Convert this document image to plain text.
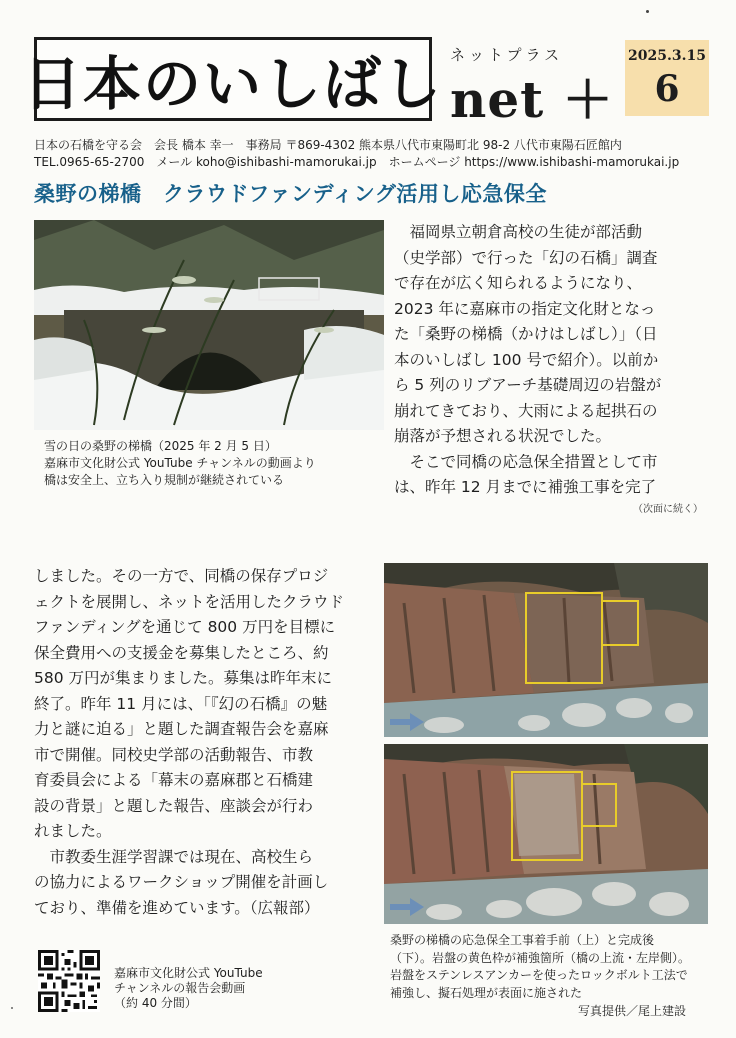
日本のいしばし ネットプラス
net ＋
2025.3.15
6
日本の石橋を守る会　会長 橋本 幸一　事務局 〒869-4302 熊本県八代市東陽町北 98-2 八代市東陽石匠館内
TEL.0965-65-2700　メール koho@ishibashi-mamorukai.jp　ホームページ https://www.ishibashi-mamorukai.jp
桑野の梯橋　クラウドファンディング活用し応急保全
雪の日の桑野の梯橋（2025 年 2 月 5 日）
嘉麻市文化財公式 YouTube チャンネルの動画より
橋は安全上、立ち入り規制が継続されている
　福岡県立朝倉高校の生徒が部活動
（史学部）で行った「幻の石橋」調査
で存在が広く知られるようになり、
2023 年に嘉麻市の指定文化財となっ
た「桑野の梯橋（かけはしばし）」（日
本のいしばし 100 号で紹介）。以前か
ら 5 列のリブアーチ基礎周辺の岩盤が
崩れてきており、大雨による起拱石の
崩落が予想される状況でした。
　そこで同橋の応急保全措置として市
は、昨年 12 月までに補強工事を完了
（次面に続く）
しました。その一方で、同橋の保存プロジ
ェクトを展開し、ネットを活用したクラウド
ファンディングを通じて 800 万円を目標に
保全費用への支援金を募集したところ、約
580 万円が集まりました。募集は昨年末に
終了。昨年 11 月には、「『幻の石橋』の魅
力と謎に迫る」と題した調査報告会を嘉麻
市で開催。同校史学部の活動報告、市教
育委員会による「幕末の嘉麻郡と石橋建
設の背景」と題した報告、座談会が行わ
れました。
　市教委生涯学習課では現在、高校生ら
の協力によるワークショップ開催を計画し
ており、準備を進めています。（広報部）
桑野の梯橋の応急保全工事着手前（上）と完成後
（下）。岩盤の黄色枠が補強箇所（橋の上流・左岸側）。
岩盤をステンレスアンカーを使ったロックボルト工法で
補強し、擬石処理が表面に施された
写真提供／尾上建設
嘉麻市文化財公式 YouTube
チャンネルの報告会動画
（約 40 分間）
